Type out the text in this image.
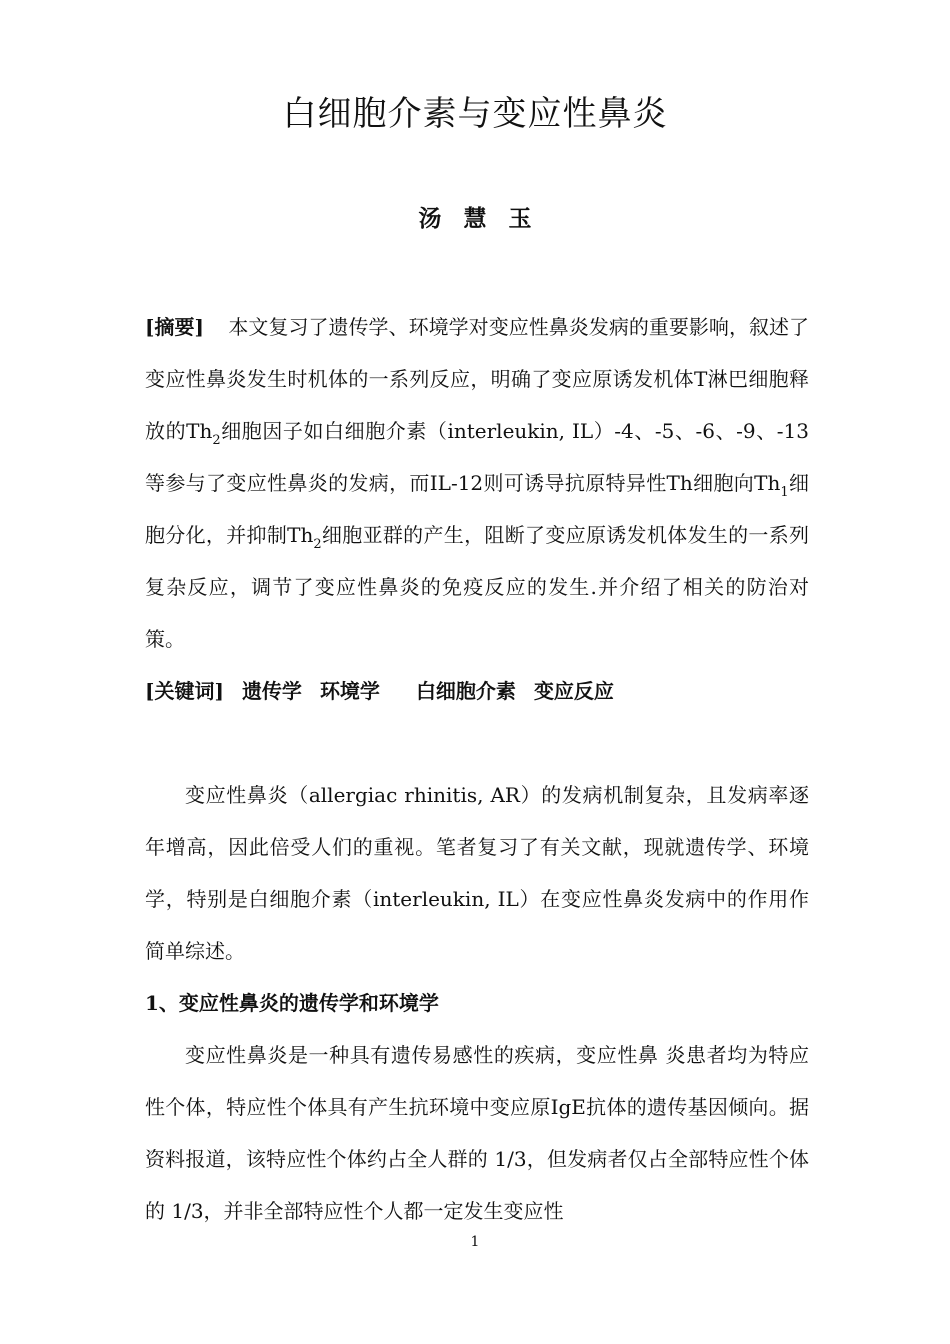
白细胞介素与变应性鼻炎
汤慧玉

[摘要] 本文复习了遗传学、环境学对变应性鼻炎发病的重要影响，叙述了变应性鼻炎发生时机体的一系列反应，明确了变应原诱发机体T淋巴细胞释放的$Th_2$细胞因子如白细胞介素（interleukin, IL）-4、-5、-6、-9、-13等参与了变应性鼻炎的发病，而IL-12则可诱导抗原特异性Th细胞向$Th_1$细胞分化，并抑制$Th_2$细胞亚群的产生，阻断了变应原诱发机体发生的一系列复杂反应，调节了变应性鼻炎的免疫反应的发生.并介绍了相关的防治对策。

[关键词] 遗传学 环境学 白细胞介素 变应反应

变应性鼻炎（allergiac rhinitis, AR）的发病机制复杂，且发病率逐年增高，因此倍受人们的重视。笔者复习了有关文献，现就遗传学、环境学，特别是白细胞介素（interleukin, IL）在变应性鼻炎发病中的作用作简单综述。

1、变应性鼻炎的遗传学和环境学

变应性鼻炎是一种具有遗传易感性的疾病，变应性鼻 炎患者均为特应性个体，特应性个体具有产生抗环境中变应原IgE抗体的遗传基因倾向。据资料报道，该特应性个体约占全人群的 1/3，但发病者仅占全部特应性个体的 1/3，并非全部特应性个人都一定发生变应性

1
